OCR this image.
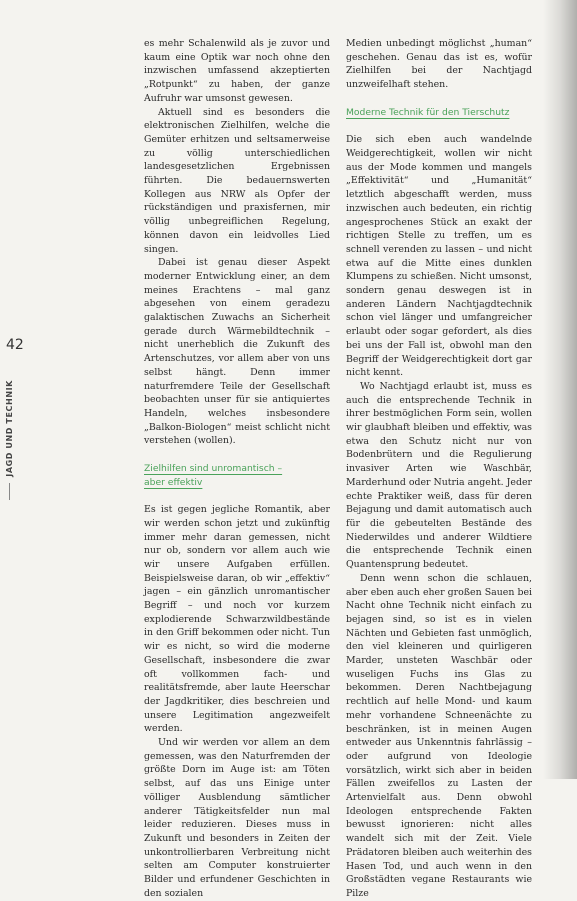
42
JAGD UND TECHNIK

es mehr Schalenwild als je zuvor und kaum eine Optik war noch ohne den inzwischen umfassend akzeptierten „Rotpunkt“ zu haben, der ganze Aufruhr war umsonst gewesen.

Aktuell sind es besonders die elektronischen Zielhilfen, welche die Gemüter erhitzen und seltsamerweise zu völlig unterschiedlichen landesgesetzlichen Ergebnissen führten. Die bedauernswerten Kollegen aus NRW als Opfer der rückständigen und praxisfernen, mir völlig unbegreiflichen Regelung, können davon ein leidvolles Lied singen.

Dabei ist genau dieser Aspekt moderner Entwicklung einer, an dem meines Erachtens – mal ganz abgesehen von einem geradezu galaktischen Zuwachs an Sicherheit gerade durch Wärmebildtechnik – nicht unerheblich die Zukunft des Artenschutzes, vor allem aber von uns selbst hängt. Denn immer naturfremdere Teile der Gesellschaft beobachten unser für sie antiquiertes Handeln, welches insbesondere „Balkon-Biologen“ meist schlicht nicht verstehen (wollen).

Zielhilfen sind unromantisch –
aber effektiv

Es ist gegen jegliche Romantik, aber wir werden schon jetzt und zukünftig immer mehr daran gemessen, nicht nur ob, sondern vor allem auch wie wir unsere Aufgaben erfüllen. Beispielsweise daran, ob wir „effektiv“ jagen – ein gänzlich unromantischer Begriff – und noch vor kurzem explodierende Schwarzwildbestände in den Griff bekommen oder nicht. Tun wir es nicht, so wird die moderne Gesellschaft, insbesondere die zwar oft vollkommen fach- und realitätsfremde, aber laute Heerschar der Jagdkritiker, dies beschreien und unsere Legitimation angezweifelt werden.

Und wir werden vor allem an dem gemessen, was den Naturfremden der größte Dorn im Auge ist: am Töten selbst, auf das uns Einige unter völliger Ausblendung sämtlicher anderer Tätigkeitsfelder nun mal leider reduzieren. Dieses muss in Zukunft und besonders in Zeiten der unkontrollierbaren Verbreitung nicht selten am Computer konstruierter Bilder und erfundener Geschichten in den sozialen

Medien unbedingt möglichst „human“ geschehen. Genau das ist es, wofür Zielhilfen bei der Nachtjagd unzweifelhaft stehen.

Moderne Technik für den Tierschutz

Die sich eben auch wandelnde Weidgerechtigkeit, wollen wir nicht aus der Mode kommen und mangels „Effektivität“ und „Humanität“ letztlich abgeschafft werden, muss inzwischen auch bedeuten, ein richtig angesprochenes Stück an exakt der richtigen Stelle zu treffen, um es schnell verenden zu lassen – und nicht etwa auf die Mitte eines dunklen Klumpens zu schießen. Nicht umsonst, sondern genau deswegen ist in anderen Ländern Nachtjagdtechnik schon viel länger und umfangreicher erlaubt oder sogar gefordert, als dies bei uns der Fall ist, obwohl man den Begriff der Weidgerechtigkeit dort gar nicht kennt.

Wo Nachtjagd erlaubt ist, muss es auch die entsprechende Technik in ihrer bestmöglichen Form sein, wollen wir glaubhaft bleiben und effektiv, was etwa den Schutz nicht nur von Bodenbrütern und die Regulierung invasiver Arten wie Waschbär, Marderhund oder Nutria angeht. Jeder echte Praktiker weiß, dass für deren Bejagung und damit automatisch auch für die gebeutelten Bestände des Niederwildes und anderer Wildtiere die entsprechende Technik einen Quantensprung bedeutet.

Denn wenn schon die schlauen, aber eben auch eher großen Sauen bei Nacht ohne Technik nicht einfach zu bejagen sind, so ist es in vielen Nächten und Gebieten fast unmöglich, den viel kleineren und quirligeren Marder, unsteten Waschbär oder wuseligen Fuchs ins Glas zu bekommen. Deren Nachtbejagung rechtlich auf helle Mond- und kaum mehr vorhandene Schneenächte zu beschränken, ist in meinen Augen entweder aus Unkenntnis fahrlässig – oder aufgrund von Ideologie vorsätzlich, wirkt sich aber in beiden Fällen zweifellos zu Lasten der Artenvielfalt aus. Denn obwohl Ideologen entsprechende Fakten bewusst ignorieren: nicht alles wandelt sich mit der Zeit. Viele Prädatoren bleiben auch weiterhin des Hasen Tod, und auch wenn in den Großstädten vegane Restaurants wie Pilze
